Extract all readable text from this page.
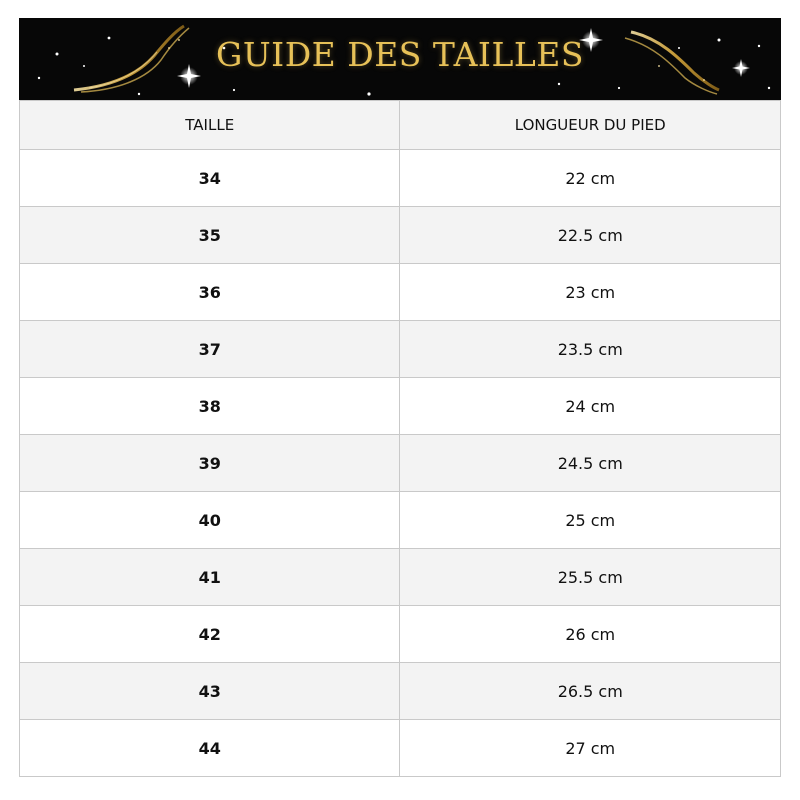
GUIDE DES TAILLES
TAILLE	LONGUEUR DU PIED
34	22 cm
35	22.5 cm
36	23 cm
37	23.5 cm
38	24 cm
39	24.5 cm
40	25 cm
41	25.5 cm
42	26 cm
43	26.5 cm
44	27 cm
